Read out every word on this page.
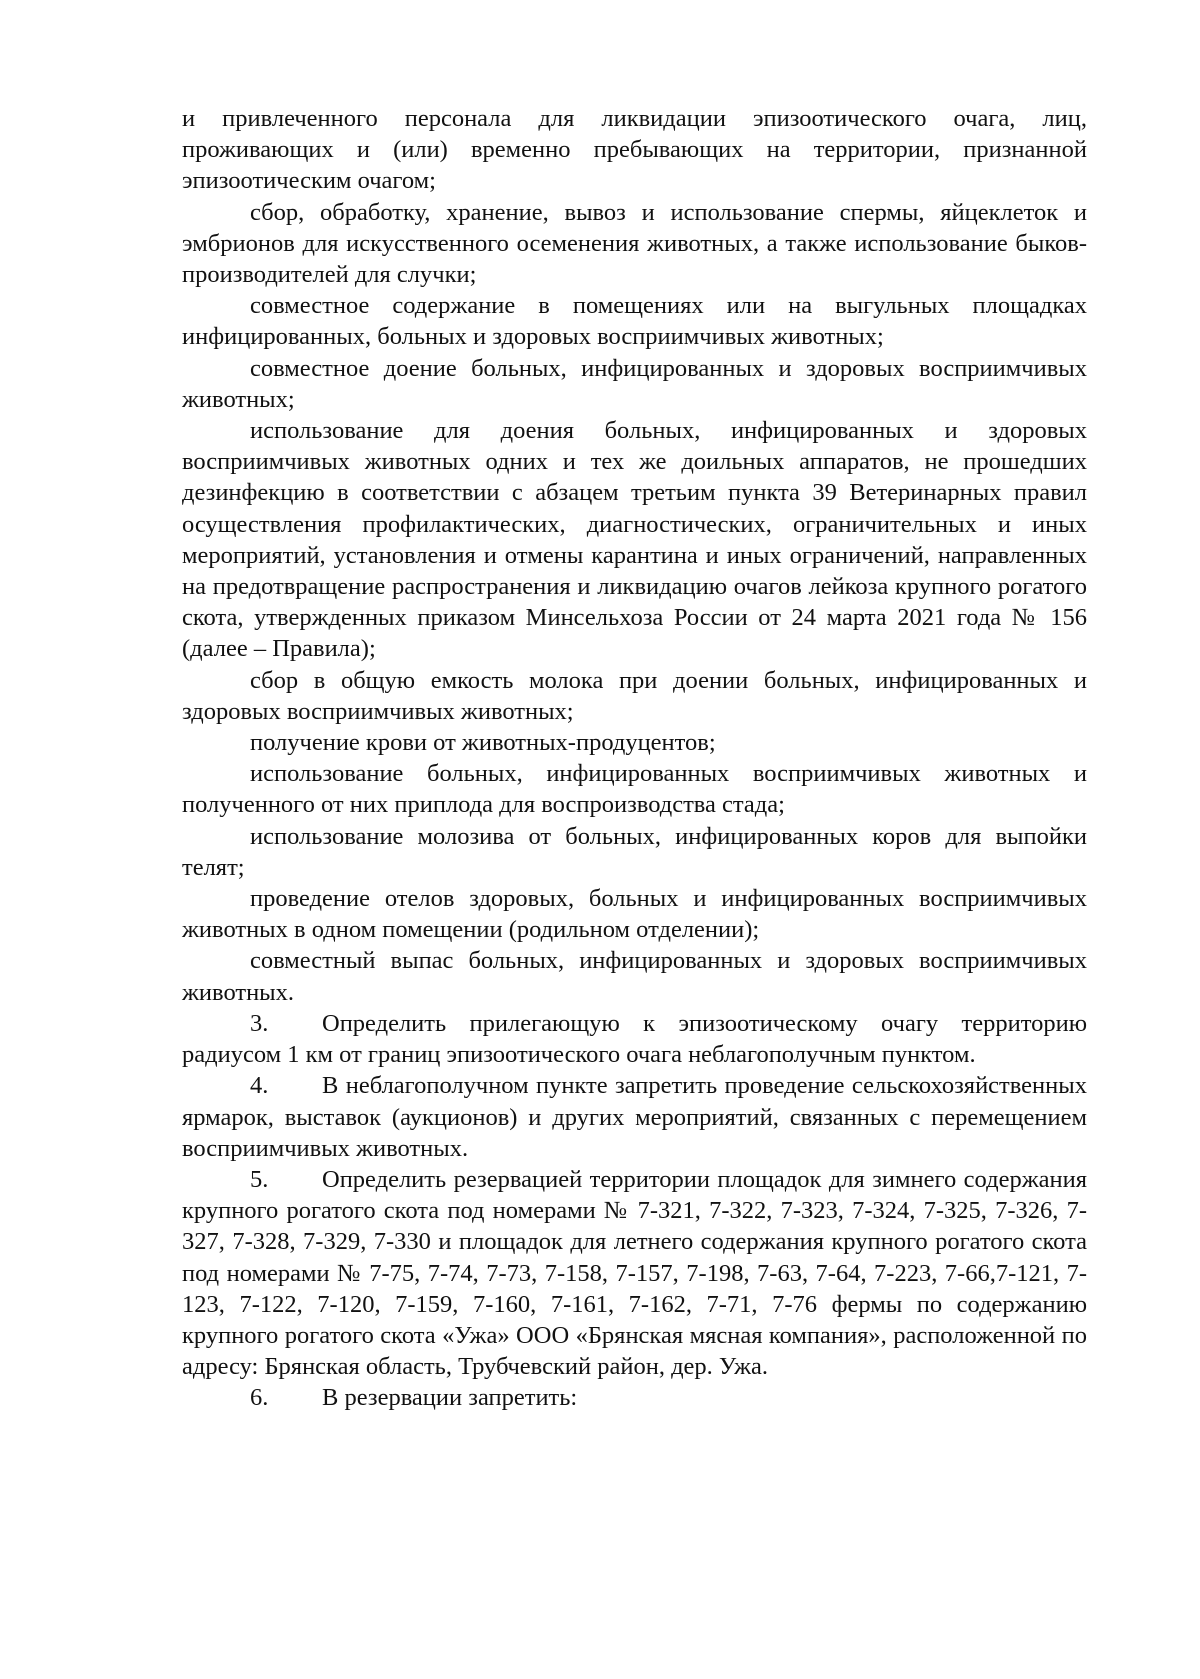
и привлеченного персонала для ликвидации эпизоотического очага, лиц, проживающих и (или) временно пребывающих на территории, признанной эпизоотическим очагом;

сбор, обработку, хранение, вывоз и использование спермы, яйцеклеток и эмбрионов для искусственного осеменения животных, а также использование быков-производителей для случки;

совместное содержание в помещениях или на выгульных площадках инфицированных, больных и здоровых восприимчивых животных;

совместное доение больных, инфицированных и здоровых восприимчивых животных;

использование для доения больных, инфицированных и здоровых восприимчивых животных одних и тех же доильных аппаратов, не прошедших дезинфекцию в соответствии с абзацем третьим пункта 39 Ветеринарных правил осуществления профилактических, диагностических, ограничительных и иных мероприятий, установления и отмены карантина и иных ограничений, направленных на предотвращение распространения и ликвидацию очагов лейкоза крупного рогатого скота, утвержденных приказом Минсельхоза России от 24 марта 2021 года № 156 (далее – Правила);

сбор в общую емкость молока при доении больных, инфицированных и здоровых восприимчивых животных;

получение крови от животных-продуцентов;

использование больных, инфицированных восприимчивых животных и полученного от них приплода для воспроизводства стада;

использование молозива от больных, инфицированных коров для выпойки телят;

проведение отелов здоровых, больных и инфицированных восприимчивых животных в одном помещении (родильном отделении);

совместный выпас больных, инфицированных и здоровых восприимчивых животных.

3. Определить прилегающую к эпизоотическому очагу территорию радиусом 1 км от границ эпизоотического очага неблагополучным пунктом.

4. В неблагополучном пункте запретить проведение сельскохозяйственных ярмарок, выставок (аукционов) и других мероприятий, связанных с перемещением восприимчивых животных.

5. Определить резервацией территории площадок для зимнего содержания крупного рогатого скота под номерами № 7-321, 7-322, 7-323, 7-324, 7-325, 7-326, 7-327, 7-328, 7-329, 7-330 и площадок для летнего содержания крупного рогатого скота под номерами № 7-75, 7-74, 7-73, 7-158, 7-157, 7-198, 7-63, 7-64, 7-223, 7-66,7-121, 7-123, 7-122, 7-120, 7-159, 7-160, 7-161, 7-162, 7-71, 7-76 фермы по содержанию крупного рогатого скота «Ужа» ООО «Брянская мясная компания», расположенной по адресу: Брянская область, Трубчевский район, дер. Ужа.

6. В резервации запретить:
